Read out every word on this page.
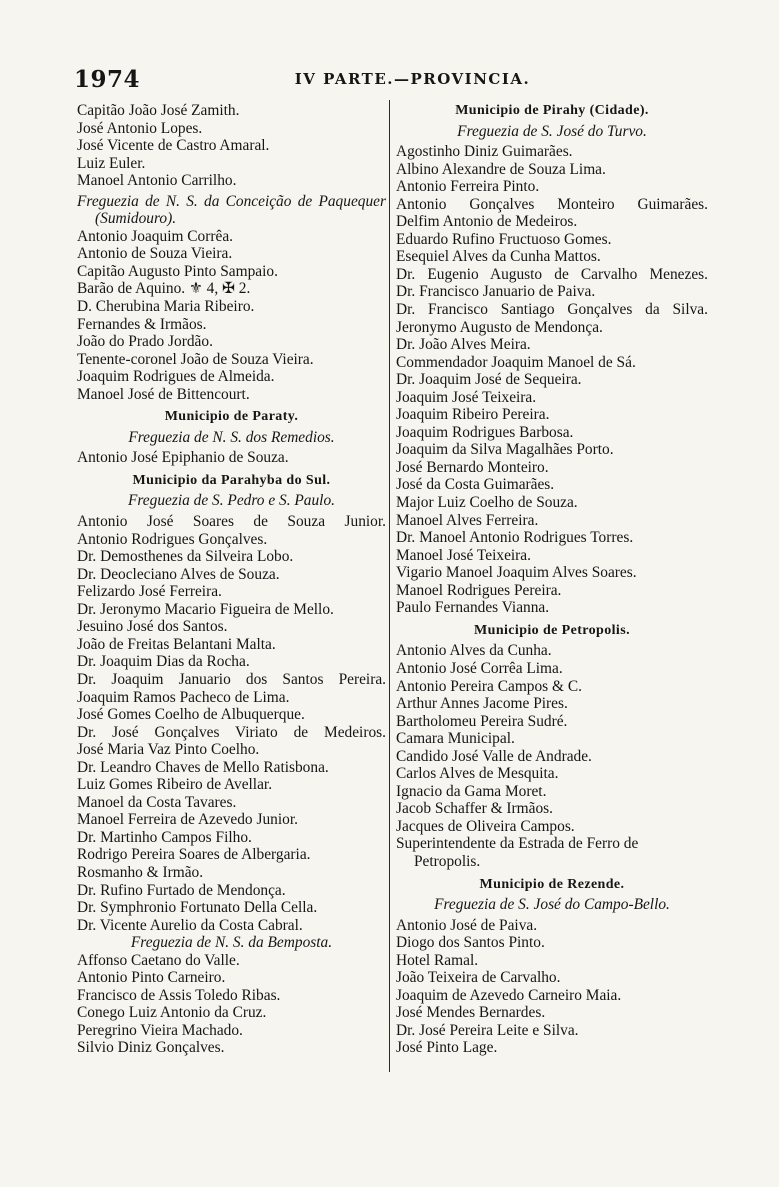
1974	IV PARTE.—PROVINCIA.
Capitão João José Zamith.
José Antonio Lopes.
José Vicente de Castro Amaral.
Luiz Euler.
Manoel Antonio Carrilho.
Freguezia de N. S. da Conceição de Paquequer (Sumidouro).
Antonio Joaquim Corrêa.
Antonio de Souza Vieira.
Capitão Augusto Pinto Sampaio.
Barão de Aquino. ⚜ 4, ✠ 2.
D. Cherubina Maria Ribeiro.
Fernandes & Irmãos.
João do Prado Jordão.
Tenente-coronel João de Souza Vieira.
Joaquim Rodrigues de Almeida.
Manoel José de Bittencourt.
Municipio de Paraty.
Freguezia de N. S. dos Remedios.
Antonio José Epiphanio de Souza.
Municipio da Parahyba do Sul.
Freguezia de S. Pedro e S. Paulo.
Antonio José Soares de Souza Junior.
Antonio Rodrigues Gonçalves.
Dr. Demosthenes da Silveira Lobo.
Dr. Deocleciano Alves de Souza.
Felizardo José Ferreira.
Dr. Jeronymo Macario Figueira de Mello.
Jesuino José dos Santos.
João de Freitas Belantani Malta.
Dr. Joaquim Dias da Rocha.
Dr. Joaquim Januario dos Santos Pereira.
Joaquim Ramos Pacheco de Lima.
José Gomes Coelho de Albuquerque.
Dr. José Gonçalves Viriato de Medeiros.
José Maria Vaz Pinto Coelho.
Dr. Leandro Chaves de Mello Ratisbona.
Luiz Gomes Ribeiro de Avellar.
Manoel da Costa Tavares.
Manoel Ferreira de Azevedo Junior.
Dr. Martinho Campos Filho.
Rodrigo Pereira Soares de Albergaria.
Rosmanho & Irmão.
Dr. Rufino Furtado de Mendonça.
Dr. Symphronio Fortunato Della Cella.
Dr. Vicente Aurelio da Costa Cabral.
Freguezia de N. S. da Bemposta.
Affonso Caetano do Valle.
Antonio Pinto Carneiro.
Francisco de Assis Toledo Ribas.
Conego Luiz Antonio da Cruz.
Peregrino Vieira Machado.
Silvio Diniz Gonçalves.
Municipio de Pirahy (Cidade).
Freguezia de S. José do Turvo.
Agostinho Diniz Guimarães.
Albino Alexandre de Souza Lima.
Antonio Ferreira Pinto.
Antonio Gonçalves Monteiro Guimarães.
Delfim Antonio de Medeiros.
Eduardo Rufino Fructuoso Gomes.
Esequiel Alves da Cunha Mattos.
Dr. Eugenio Augusto de Carvalho Menezes.
Dr. Francisco Januario de Paiva.
Dr. Francisco Santiago Gonçalves da Silva.
Jeronymo Augusto de Mendonça.
Dr. João Alves Meira.
Commendador Joaquim Manoel de Sá.
Dr. Joaquim José de Sequeira.
Joaquim José Teixeira.
Joaquim Ribeiro Pereira.
Joaquim Rodrigues Barbosa.
Joaquim da Silva Magalhães Porto.
José Bernardo Monteiro.
José da Costa Guimarães.
Major Luiz Coelho de Souza.
Manoel Alves Ferreira.
Dr. Manoel Antonio Rodrigues Torres.
Manoel José Teixeira.
Vigario Manoel Joaquim Alves Soares.
Manoel Rodrigues Pereira.
Paulo Fernandes Vianna.
Municipio de Petropolis.
Antonio Alves da Cunha.
Antonio José Corrêa Lima.
Antonio Pereira Campos & C.
Arthur Annes Jacome Pires.
Bartholomeu Pereira Sudré.
Camara Municipal.
Candido José Valle de Andrade.
Carlos Alves de Mesquita.
Ignacio da Gama Moret.
Jacob Schaffer & Irmãos.
Jacques de Oliveira Campos.
Superintendente da Estrada de Ferro de Petropolis.
Municipio de Rezende.
Freguezia de S. José do Campo-Bello.
Antonio José de Paiva.
Diogo dos Santos Pinto.
Hotel Ramal.
João Teixeira de Carvalho.
Joaquim de Azevedo Carneiro Maia.
José Mendes Bernardes.
Dr. José Pereira Leite e Silva.
José Pinto Lage.
